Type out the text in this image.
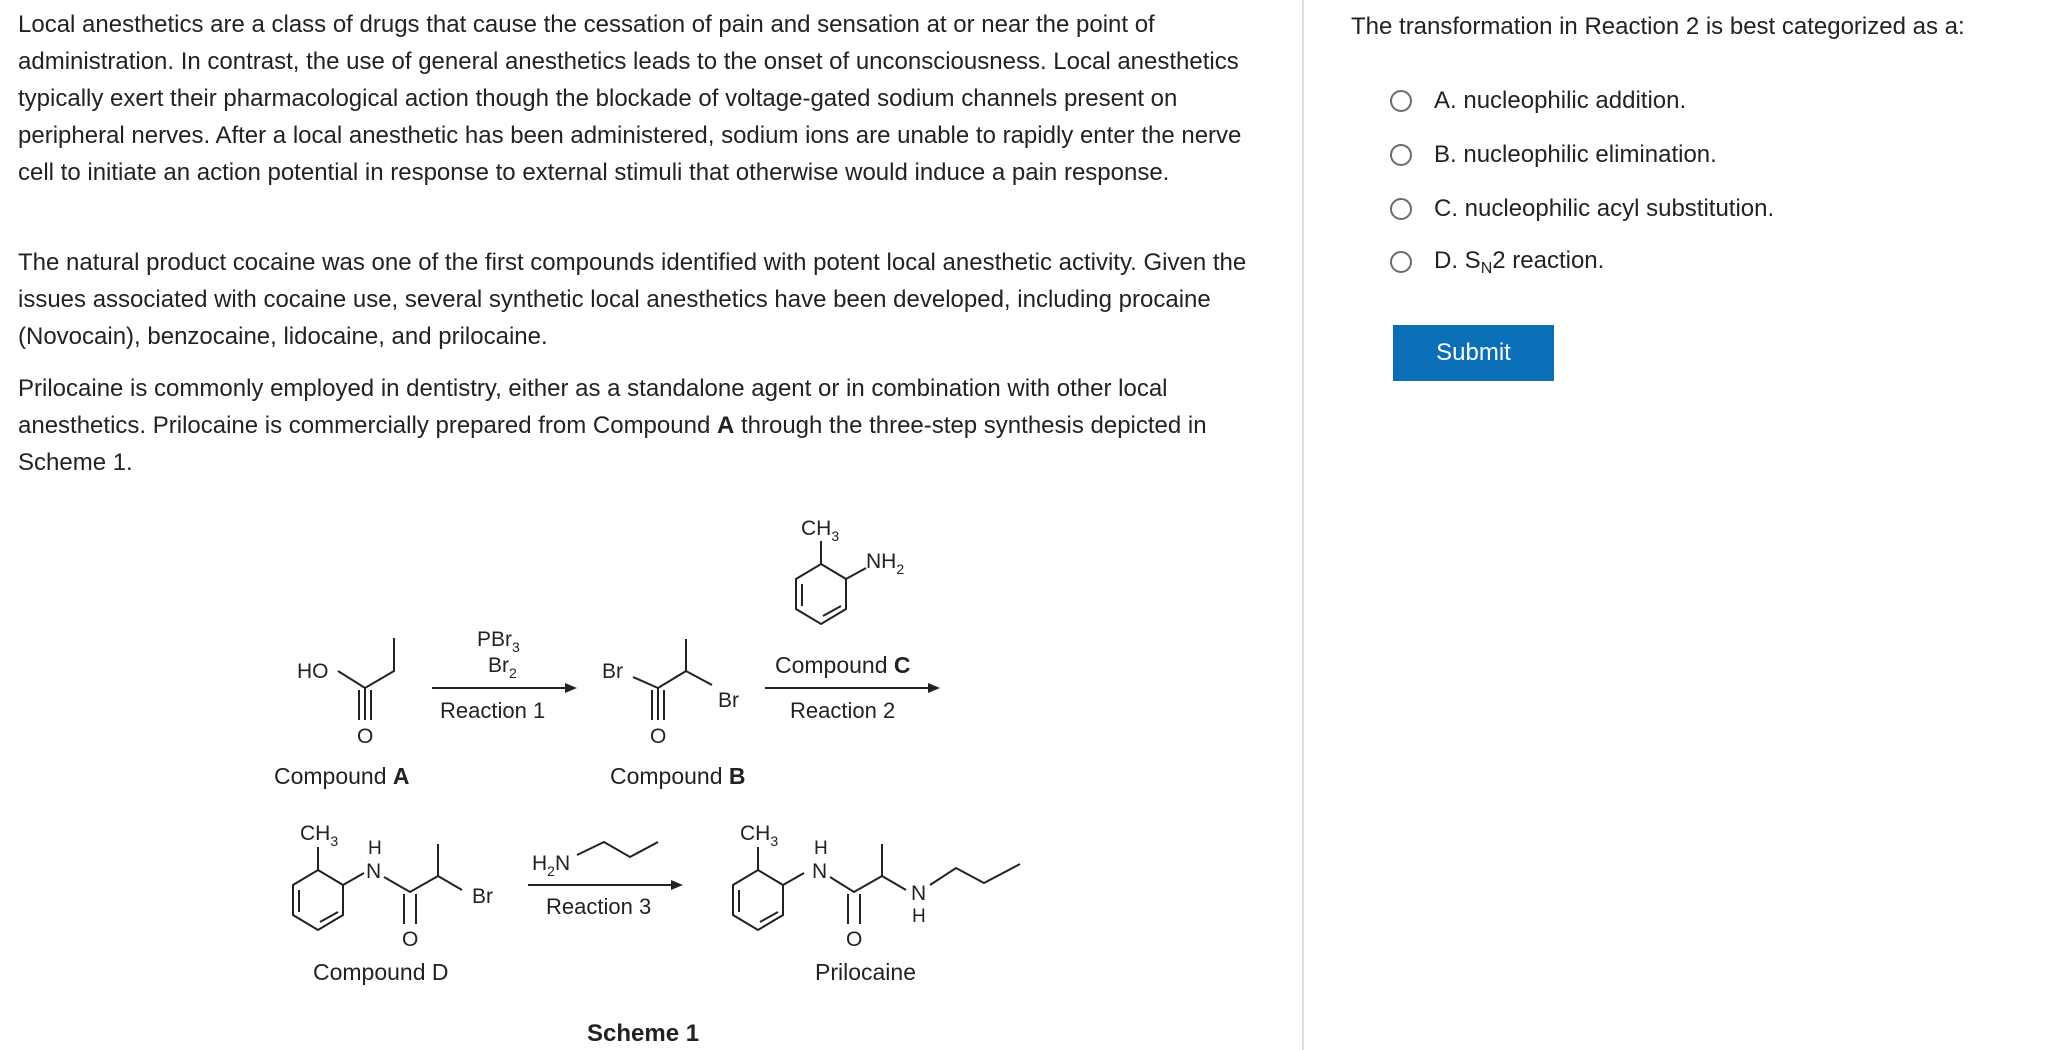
Local anesthetics are a class of drugs that cause the cessation of pain and sensation at or near the point of administration. In contrast, the use of general anesthetics leads to the onset of unconsciousness. Local anesthetics typically exert their pharmacological action though the blockade of voltage-gated sodium channels present on peripheral nerves. After a local anesthetic has been administered, sodium ions are unable to rapidly enter the nerve cell to initiate an action potential in response to external stimuli that otherwise would induce a pain response.

The natural product cocaine was one of the first compounds identified with potent local anesthetic activity. Given the issues associated with cocaine use, several synthetic local anesthetics have been developed, including procaine (Novocain), benzocaine, lidocaine, and prilocaine.

Prilocaine is commonly employed in dentistry, either as a standalone agent or in combination with other local anesthetics. Prilocaine is commercially prepared from Compound A through the three-step synthesis depicted in Scheme 1.

HO
O
Compound A
PBr$_3$
$Br_2$
Reaction 1
Br
Br
O
Compound B
$CH_3$
$NH_2$
Compound C
Reaction 2
$CH_3$ H
N
O
Br
Compound D
$H_2N$
Reaction 3
$CH_3$ H
N
O
N
H
Prilocaine
Scheme 1
The transformation in Reaction 2 is best categorized as a:
A. nucleophilic addition.
B. nucleophilic elimination.
C. nucleophilic acyl substitution.
D. $S_N2$ reaction.
Submit
